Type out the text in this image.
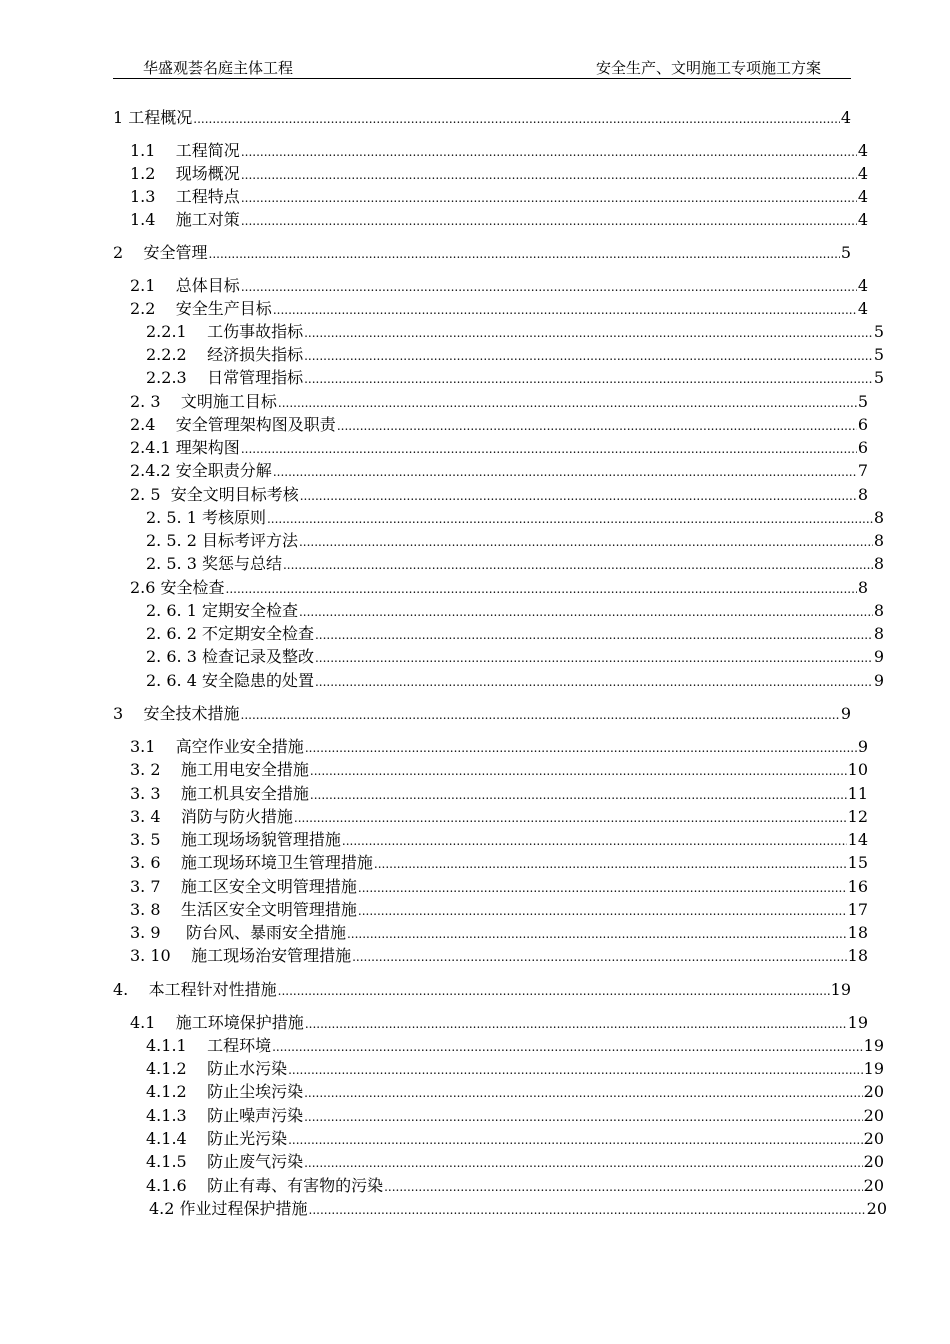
华盛观荟名庭主体工程	安全生产、文明施工专项施工方案
1 工程概况 .....	4
1.1 工程简况 .....	4
1.2 现场概况 .....	4
1.3 工程特点 .....	4
1.4 施工对策 .....	4
2 安全管理 .....	5
2.1 总体目标 .....	4
2.2 安全生产目标 .....	4
2.2.1 工伤事故指标 .....	5
2.2.2 经济损失指标 .....	5
2.2.3 日常管理指标 .....	5
2. 3 文明施工目标 .....	5
2.4 安全管理架构图及职责 .....	6
2.4.1 理架构图 .....	6
2.4.2 安全职责分解 .....	7
2. 5 安全文明目标考核 .....	8
2. 5. 1 考核原则 .....	8
2. 5. 2 目标考评方法 .....	8
2. 5. 3 奖惩与总结 .....	8
2.6 安全检查 .....	8
2. 6. 1 定期安全检查 .....	8
2. 6. 2 不定期安全检查 .....	8
2. 6. 3 检查记录及整改 .....	9
2. 6. 4 安全隐患的处置 .....	9
3 安全技术措施 .....	9
3.1 高空作业安全措施 .....	9
3. 2 施工用电安全措施 .....	10
3. 3 施工机具安全措施 .....	11
3. 4 消防与防火措施 .....	12
3. 5 施工现场场貌管理措施 .....	14
3. 6 施工现场环境卫生管理措施 .....	15
3. 7 施工区安全文明管理措施 .....	16
3. 8 生活区安全文明管理措施 .....	17
3. 9 防台风、暴雨安全措施 .....	18
3. 10 施工现场治安管理措施 .....	18
4. 本工程针对性措施 .....	19
4.1 施工环境保护措施 .....	19
4.1.1 工程环境 .....	19
4.1.2 防止水污染 .....	19
4.1.2 防止尘埃污染 .....	20
4.1.3 防止噪声污染 .....	20
4.1.4 防止光污染 .....	20
4.1.5 防止废气污染 .....	20
4.1.6 防止有毒、有害物的污染 .....	20
4.2 作业过程保护措施 .....	20
